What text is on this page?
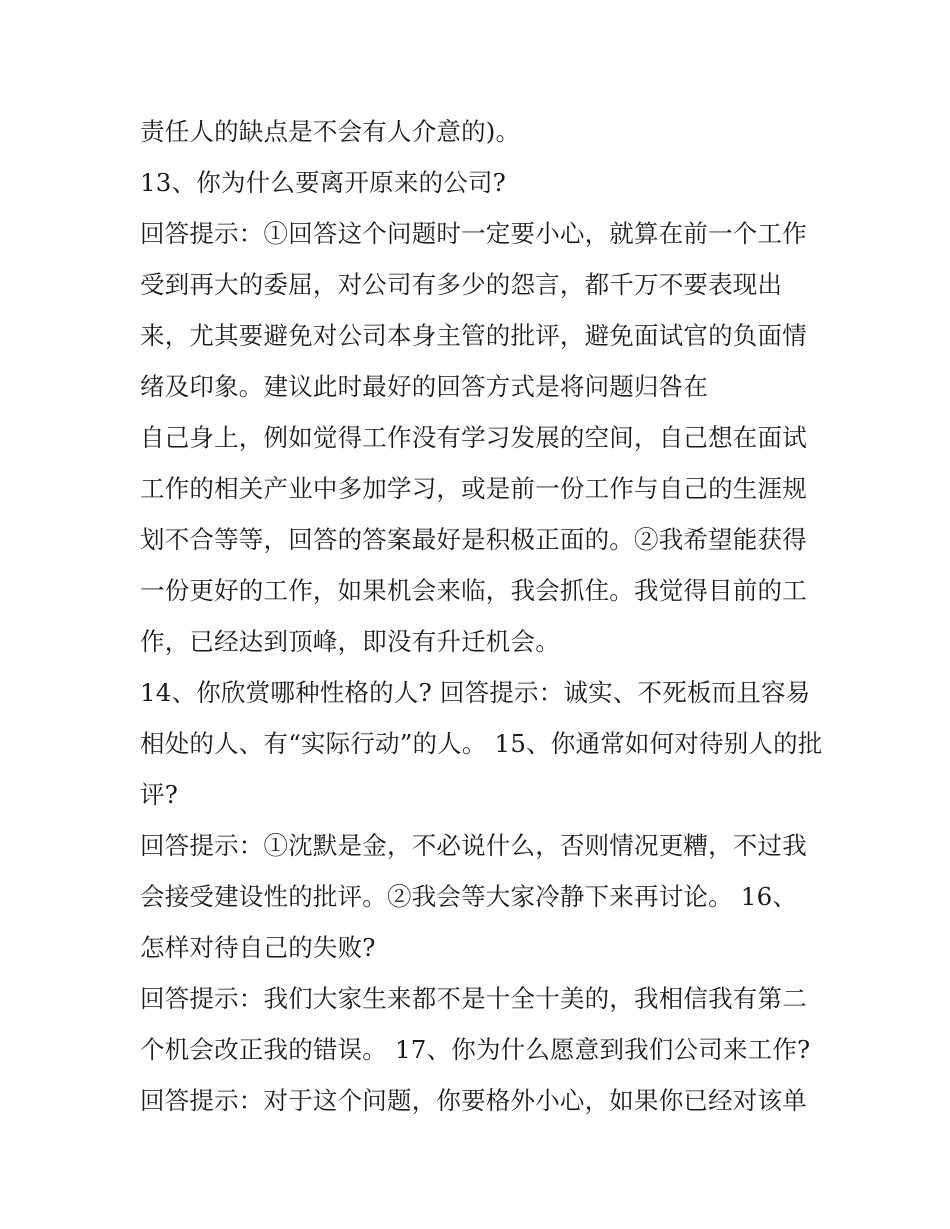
责任人的缺点是不会有人介意的)。
13、你为什么要离开原来的公司?
回答提示：①回答这个问题时一定要小心，就算在前一个工作
受到再大的委屈，对公司有多少的怨言，都千万不要表现出
来，尤其要避免对公司本身主管的批评，避免面试官的负面情
绪及印象。建议此时最好的回答方式是将问题归咎在
自己身上，例如觉得工作没有学习发展的空间，自己想在面试
工作的相关产业中多加学习，或是前一份工作与自己的生涯规
划不合等等，回答的答案最好是积极正面的。②我希望能获得
一份更好的工作，如果机会来临，我会抓住。我觉得目前的工
作，已经达到顶峰，即没有升迁机会。
14、你欣赏哪种性格的人? 回答提示：诚实、不死板而且容易
相处的人、有“实际行动”的人。 15、你通常如何对待别人的批
评?
回答提示：①沈默是金，不必说什么，否则情况更糟，不过我
会接受建设性的批评。②我会等大家冷静下来再讨论。 16、
怎样对待自己的失败?
回答提示：我们大家生来都不是十全十美的，我相信我有第二
个机会改正我的错误。 17、你为什么愿意到我们公司来工作?
回答提示：对于这个问题，你要格外小心，如果你已经对该单
